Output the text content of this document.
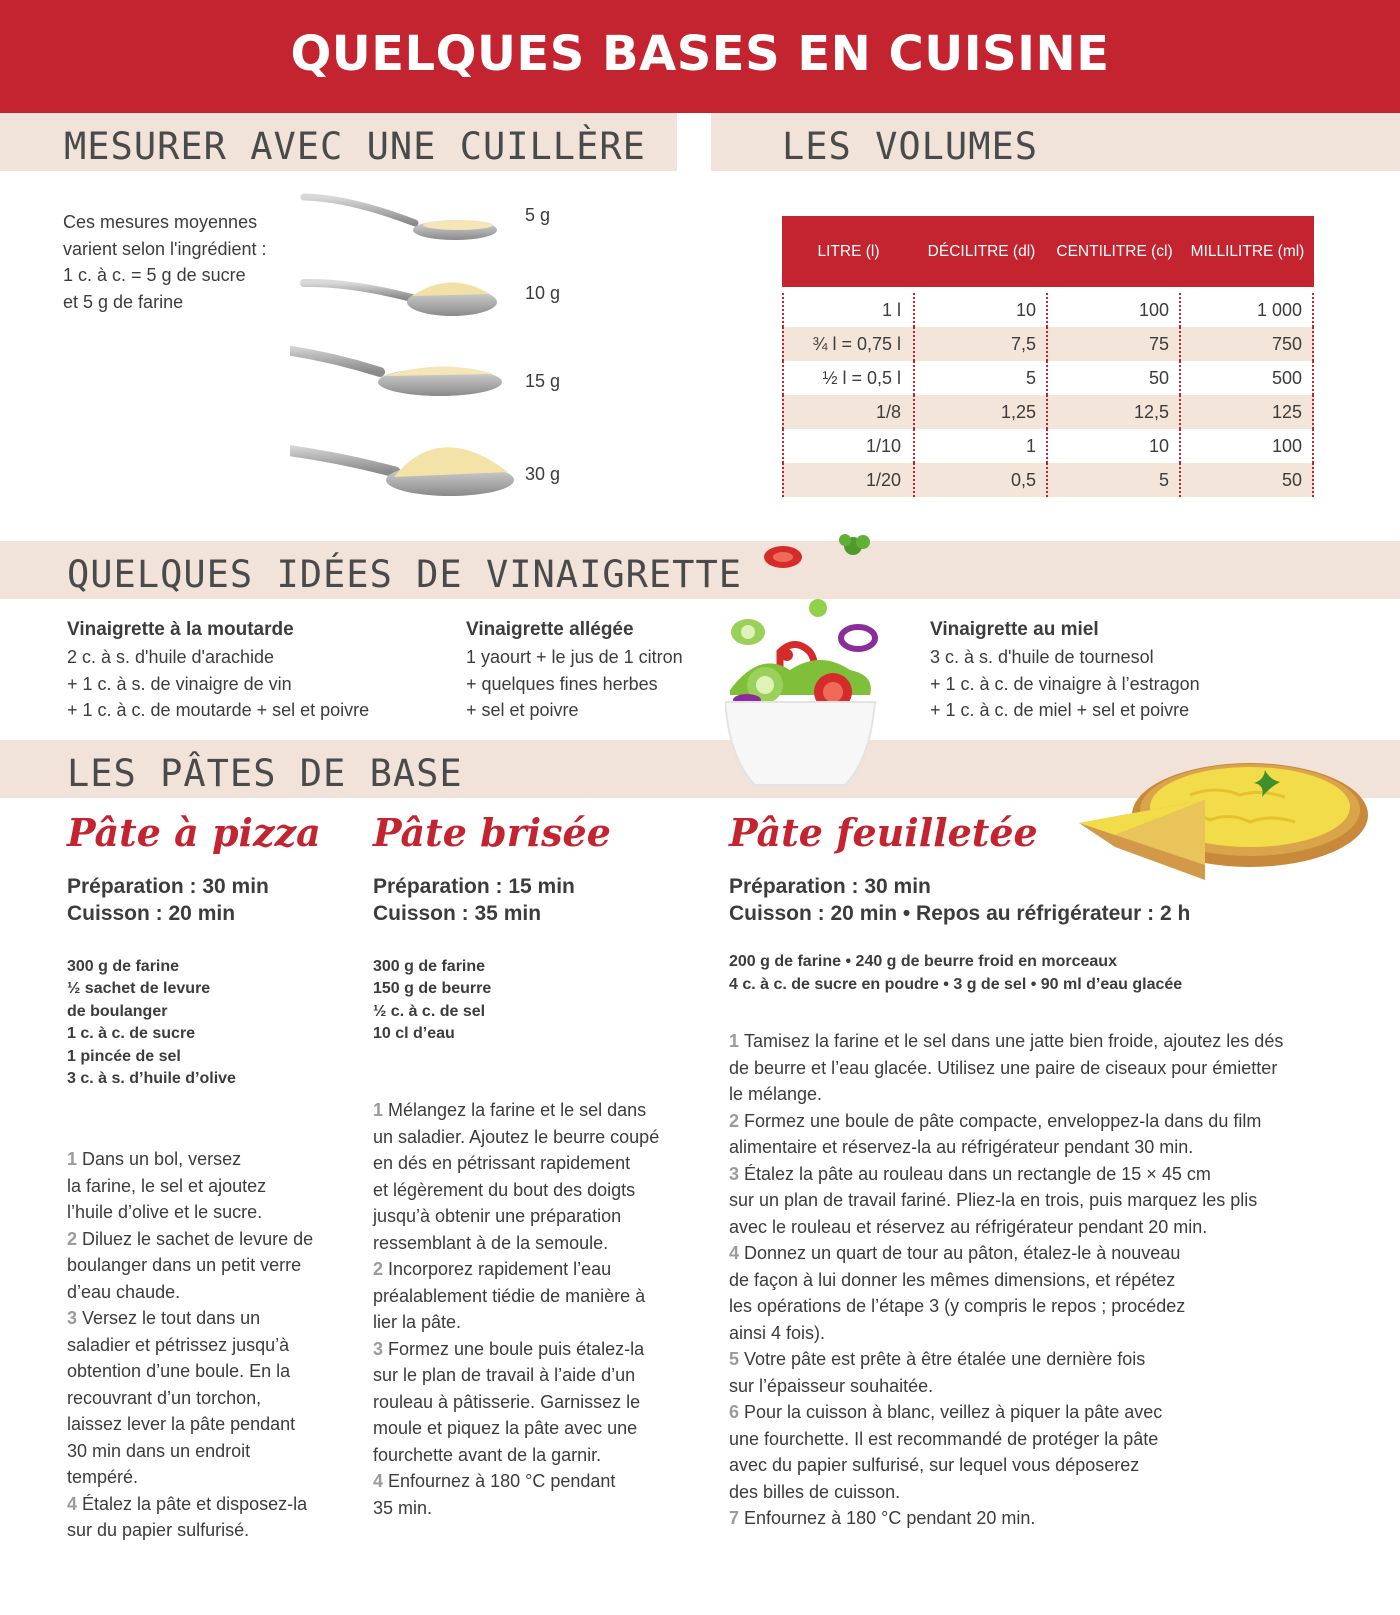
QUELQUES BASES EN CUISINE
MESURER AVEC UNE CUILLÈRE	LES VOLUMES
QUELQUES IDÉES DE VINAIGRETTE
LES PÂTES DE BASE
Ces mesures moyennes
varient selon l'ingrédient :
1 c. à c. = 5 g de sucre
et 5 g de farine
5 g
10 g
15 g
30 g
LITRE (l)	DÉCILITRE (dl)	CENTILITRE (cl)	MILLILITRE (ml)
1 l	10	100	1 000
¾ l = 0,75 l	7,5	75	750
½ l = 0,5 l	5	50	500
1/8	1,25	12,5	125
1/10	1	10	100
1/20	0,5	5	50
Vinaigrette à la moutarde
2 c. à s. d'huile d'arachide
+ 1 c. à s. de vinaigre de vin
+ 1 c. à c. de moutarde + sel et poivre
Vinaigrette allégée
1 yaourt + le jus de 1 citron
+ quelques fines herbes
+ sel et poivre
Vinaigrette au miel
3 c. à s. d'huile de tournesol
+ 1 c. à c. de vinaigre à l’estragon
+ 1 c. à c. de miel + sel et poivre
Pâte à pizza
Préparation : 30 min
Cuisson : 20 min
300 g de farine
½ sachet de levure
de boulanger
1 c. à c. de sucre
1 pincée de sel
3 c. à s. d’huile d’olive
1 Dans un bol, versez
la farine, le sel et ajoutez
l’huile d’olive et le sucre.
2 Diluez le sachet de levure de
boulanger dans un petit verre
d’eau chaude.
3 Versez le tout dans un
saladier et pétrissez jusqu’à
obtention d’une boule. En la
recouvrant d’un torchon,
laissez lever la pâte pendant
30 min dans un endroit
tempéré.
4 Étalez la pâte et disposez-la
sur du papier sulfurisé.
Pâte brisée
Préparation : 15 min
Cuisson : 35 min
300 g de farine
150 g de beurre
½ c. à c. de sel
10 cl d’eau
1 Mélangez la farine et le sel dans
un saladier. Ajoutez le beurre coupé
en dés en pétrissant rapidement
et légèrement du bout des doigts
jusqu’à obtenir une préparation
ressemblant à de la semoule.
2 Incorporez rapidement l’eau
préalablement tiédie de manière à
lier la pâte.
3 Formez une boule puis étalez-la
sur le plan de travail à l’aide d’un
rouleau à pâtisserie. Garnissez le
moule et piquez la pâte avec une
fourchette avant de la garnir.
4 Enfournez à 180 °C pendant
35 min.
Pâte feuilletée
Préparation : 30 min
Cuisson : 20 min • Repos au réfrigérateur : 2 h
200 g de farine • 240 g de beurre froid en morceaux
4 c. à c. de sucre en poudre • 3 g de sel • 90 ml d’eau glacée
1 Tamisez la farine et le sel dans une jatte bien froide, ajoutez les dés
de beurre et l’eau glacée. Utilisez une paire de ciseaux pour émietter
le mélange.
2 Formez une boule de pâte compacte, enveloppez-la dans du film
alimentaire et réservez-la au réfrigérateur pendant 30 min.
3 Étalez la pâte au rouleau dans un rectangle de 15 × 45 cm
sur un plan de travail fariné. Pliez-la en trois, puis marquez les plis
avec le rouleau et réservez au réfrigérateur pendant 20 min.
4 Donnez un quart de tour au pâton, étalez-le à nouveau
de façon à lui donner les mêmes dimensions, et répétez
les opérations de l’étape 3 (y compris le repos ; procédez
ainsi 4 fois).
5 Votre pâte est prête à être étalée une dernière fois
sur l’épaisseur souhaitée.
6 Pour la cuisson à blanc, veillez à piquer la pâte avec
une fourchette. Il est recommandé de protéger la pâte
avec du papier sulfurisé, sur lequel vous déposerez
des billes de cuisson.
7 Enfournez à 180 °C pendant 20 min.
